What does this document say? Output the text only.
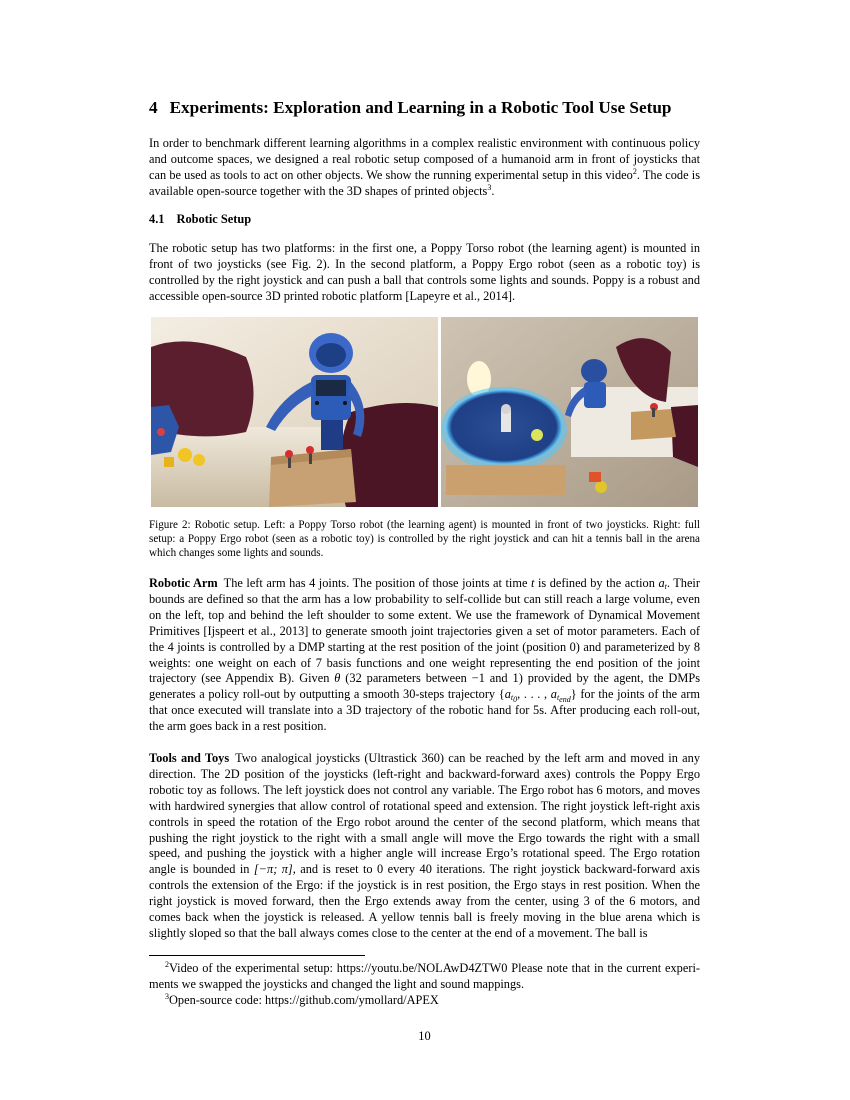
4 Experiments: Exploration and Learning in a Robotic Tool Use Setup

In order to benchmark different learning algorithms in a complex realistic environment with continuous policy and outcome spaces, we designed a real robotic setup composed of a humanoid arm in front of joysticks that can be used as tools to act on other objects. We show the running experimental setup in this video$^2$. The code is available open-source together with the 3D shapes of printed objects$^3$.

4.1 Robotic Setup

The robotic setup has two platforms: in the first one, a Poppy Torso robot (the learning agent) is mounted in front of two joysticks (see Fig. 2). In the second platform, a Poppy Ergo robot (seen as a robotic toy) is controlled by the right joystick and can push a ball that controls some lights and sounds. Poppy is a robust and accessible open-source 3D printed robotic platform [Lapeyre et al., 2014].

Figure 2: Robotic setup. Left: a Poppy Torso robot (the learning agent) is mounted in front of two joysticks. Right: full setup: a Poppy Ergo robot (seen as a robotic toy) is controlled by the right joystick and can hit a tennis ball in the arena which changes some lights and sounds.

Robotic Arm The left arm has 4 joints. The position of those joints at time t is defined by the action $a_t$. Their bounds are defined so that the arm has a low probability to self-collide but can still reach a large volume, even on the left, top and behind the left shoulder to some extent. We use the framework of Dynamical Movement Primitives [Ijspeert et al., 2013] to generate smooth joint trajectories given a set of motor parameters. Each of the 4 joints is controlled by a DMP starting at the rest position of the joint (position 0) and parameterized by 8 weights: one weight on each of 7 basis functions and one weight representing the end position of the joint trajectory (see Appendix B). Given θ (32 parameters between −1 and 1) provided by the agent, the DMPs generates a policy roll-out by outputting a smooth 30-steps trajectory {$a_{t_0}$, . . . , $a_{t_{end}}$} for the joints of the arm that once executed will translate into a 3D trajectory of the robotic hand for 5s. After producing each roll-out, the arm goes back in a rest position.

Tools and Toys Two analogical joysticks (Ultrastick 360) can be reached by the left arm and moved in any direction. The 2D position of the joysticks (left-right and backward-forward axes) controls the Poppy Ergo robotic toy as follows. The left joystick does not control any variable. The Ergo robot has 6 motors, and moves with hardwired synergies that allow control of rotational speed and extension. The right joystick left-right axis controls in speed the rotation of the Ergo robot around the center of the second platform, which means that pushing the right joystick to the right with a small angle will move the Ergo towards the right with a small speed, and pushing the joystick with a higher angle will increase Ergo’s rotational speed. The Ergo rotation angle is bounded in [−π; π], and is reset to 0 every 40 iterations. The right joystick backward-forward axis controls the extension of the Ergo: if the joystick is in rest position, the Ergo stays in rest position. When the right joystick is moved forward, then the Ergo extends away from the center, using 3 of the 6 motors, and comes back when the joystick is released. A yellow tennis ball is freely moving in the blue arena which is slightly sloped so that the ball always comes close to the center at the end of a movement. The ball is

$^2$Video of the experimental setup: https://youtu.be/NOLAwD4ZTW0 Please note that in the current experiments we swapped the joysticks and changed the light and sound mappings.

$^3$Open-source code: https://github.com/ymollard/APEX

10
